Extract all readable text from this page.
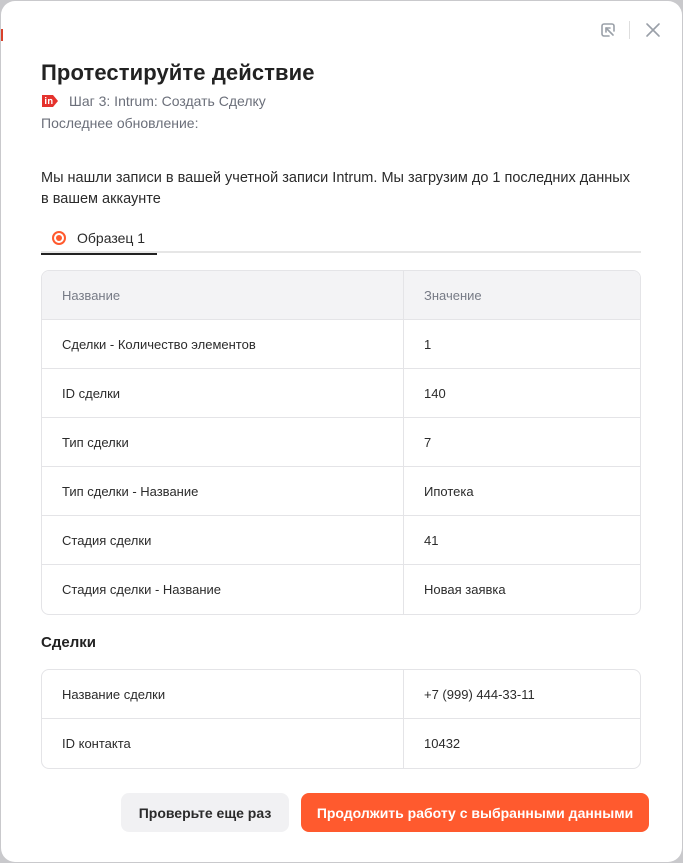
Протестируйте действие
Шаг 3: Intrum: Создать Сделку
Последнее обновление:

Мы нашли записи в вашей учетной записи Intrum. Мы загрузим до 1 последних данных в вашем аккаунте

Образец 1
Название	Значение
Сделки - Количество элементов	1
ID сделки	140
Тип сделки	7
Тип сделки - Название	Ипотека
Стадия сделки	41
Стадия сделки - Название	Новая заявка
Сделки
Название сделки	+7 (999) 444-33-11
ID контакта	10432
Проверьте еще раз	Продолжить работу с выбранными данными
